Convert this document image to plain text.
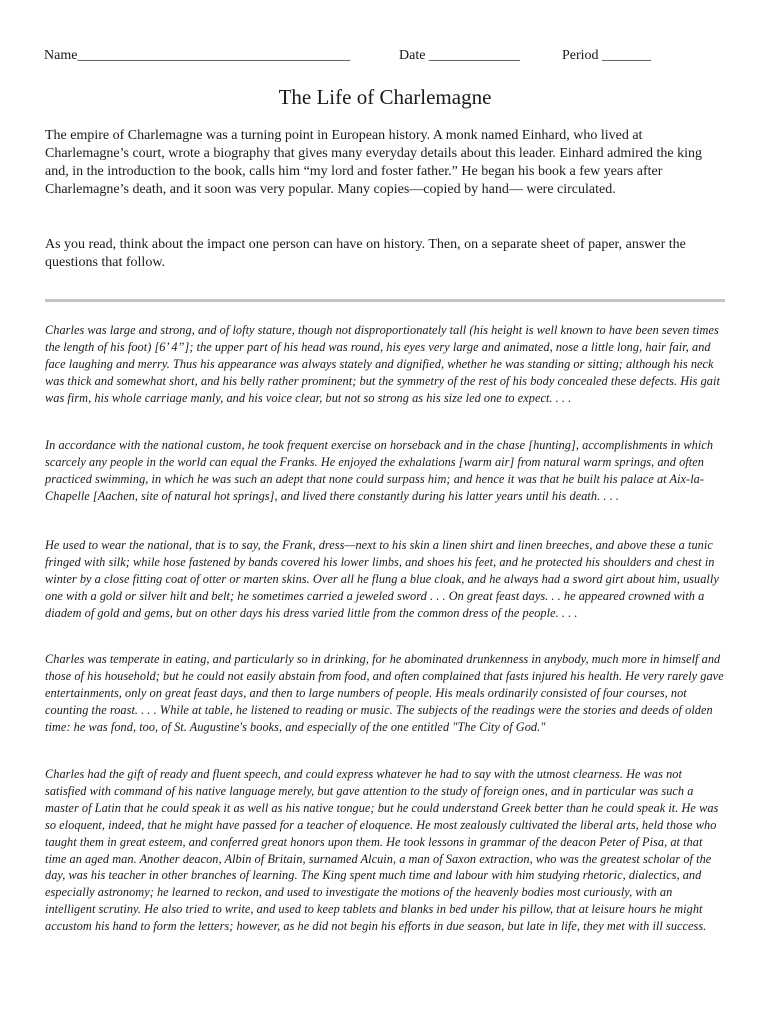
Name_______________________________________	Date _____________	Period _______
The Life of Charlemagne

The empire of Charlemagne was a turning point in European history. A monk named Einhard, who lived at Charlemagne’s court, wrote a biography that gives many everyday details about this leader. Einhard admired the king and, in the introduction to the book, calls him “my lord and foster father.” He began his book a few years after Charlemagne’s death, and it soon was very popular. Many copies—copied by hand— were circulated.

As you read, think about the impact one person can have on history. Then, on a separate sheet of paper, answer the questions that follow.

Charles was large and strong, and of lofty stature, though not disproportionately tall (his height is well known to have been seven times the length of his foot) [6’ 4”]; the upper part of his head was round, his eyes very large and animated, nose a little long, hair fair, and face laughing and merry. Thus his appearance was always stately and dignified, whether he was standing or sitting; although his neck was thick and somewhat short, and his belly rather prominent; but the symmetry of the rest of his body concealed these defects. His gait was firm, his whole carriage manly, and his voice clear, but not so strong as his size led one to expect. . . .

In accordance with the national custom, he took frequent exercise on horseback and in the chase [hunting], accomplishments in which scarcely any people in the world can equal the Franks. He enjoyed the exhalations [warm air] from natural warm springs, and often practiced swimming, in which he was such an adept that none could surpass him; and hence it was that he built his palace at Aix-la-Chapelle [Aachen, site of natural hot springs], and lived there constantly during his latter years until his death. . . .

He used to wear the national, that is to say, the Frank, dress—next to his skin a linen shirt and linen breeches, and above these a tunic fringed with silk; while hose fastened by bands covered his lower limbs, and shoes his feet, and he protected his shoulders and chest in winter by a close fitting coat of otter or marten skins. Over all he flung a blue cloak, and he always had a sword girt about him, usually one with a gold or silver hilt and belt; he sometimes carried a jeweled sword . . . On great feast days. . . he appeared crowned with a diadem of gold and gems, but on other days his dress varied little from the common dress of the people. . . .

Charles was temperate in eating, and particularly so in drinking, for he abominated drunkenness in anybody, much more in himself and those of his household; but he could not easily abstain from food, and often complained that fasts injured his health. He very rarely gave entertainments, only on great feast days, and then to large numbers of people. His meals ordinarily consisted of four courses, not counting the roast. . . . While at table, he listened to reading or music. The subjects of the readings were the stories and deeds of olden time: he was fond, too, of St. Augustine's books, and especially of the one entitled "The City of God."

Charles had the gift of ready and fluent speech, and could express whatever he had to say with the utmost clearness. He was not satisfied with command of his native language merely, but gave attention to the study of foreign ones, and in particular was such a master of Latin that he could speak it as well as his native tongue; but he could understand Greek better than he could speak it. He was so eloquent, indeed, that he might have passed for a teacher of eloquence. He most zealously cultivated the liberal arts, held those who taught them in great esteem, and conferred great honors upon them. He took lessons in grammar of the deacon Peter of Pisa, at that time an aged man. Another deacon, Albin of Britain, surnamed Alcuin, a man of Saxon extraction, who was the greatest scholar of the day, was his teacher in other branches of learning. The King spent much time and labour with him studying rhetoric, dialectics, and especially astronomy; he learned to reckon, and used to investigate the motions of the heavenly bodies most curiously, with an intelligent scrutiny. He also tried to write, and used to keep tablets and blanks in bed under his pillow, that at leisure hours he might accustom his hand to form the letters; however, as he did not begin his efforts in due season, but late in life, they met with ill success.
